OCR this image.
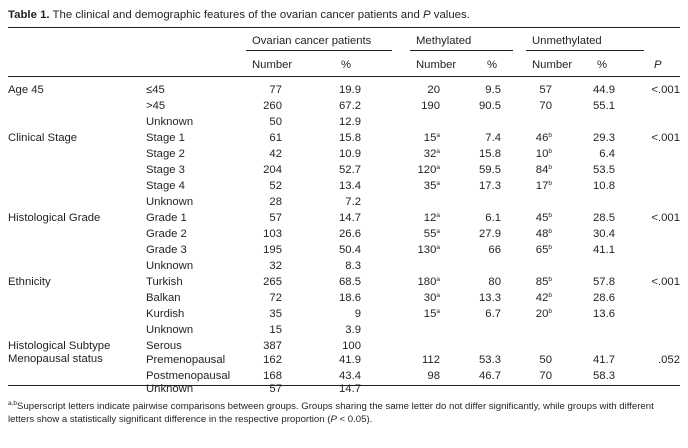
Table 1. The clinical and demographic features of the ovarian cancer patients and P values.
Ovarian cancer patients	Methylated	Unmethylated
Number	%	Number	%	Number %	P
Age 45	≤45	77	19.9	20	9.5	57	44.9	<.001
>45	260	67.2	190	90.5	70	55.1
Unknown	50	12.9
Clinical Stage	Stage 1	61	15.8	15$^a$	7.4	46$^b$	29.3	<.001
Stage 2	42	10.9	32$^a$	15.8	10$^b$	6.4
Stage 3	204	52.7	120$^a$	59.5	84$^b$	53.5
Stage 4	52	13.4	35$^a$	17.3	17$^b$	10.8
Unknown	28	7.2
Histological Grade	Grade 1	57	14.7	12$^a$	6.1	45$^b$	28.5	<.001
Grade 2	103	26.6	55$^a$	27.9	48$^b$	30.4
Grade 3	195	50.4	130$^a$	66	65$^b$	41.1
Unknown	32	8.3
Ethnicity	Turkish	265	68.5	180$^a$	80	85$^b$	57.8	<.001
Balkan	72	18.6	30$^a$	13.3	42$^b$	28.6
Kurdish	35	9	15$^a$	6.7	20$^b$	13.6
Unknown	15	3.9
Histological Subtype	Serous	387	100
Menopausal status	Premenopausal	162	41.9	112	53.3	50	41.7	.052
Postmenopausal	168	43.4	98	46.7	70	58.3
Unknown	57	14.7
$^{a,b}$Superscript letters indicate pairwise comparisons between groups. Groups sharing the same letter do not differ significantly, while groups with different letters show a statistically significant difference in the respective proportion (P < 0.05).
